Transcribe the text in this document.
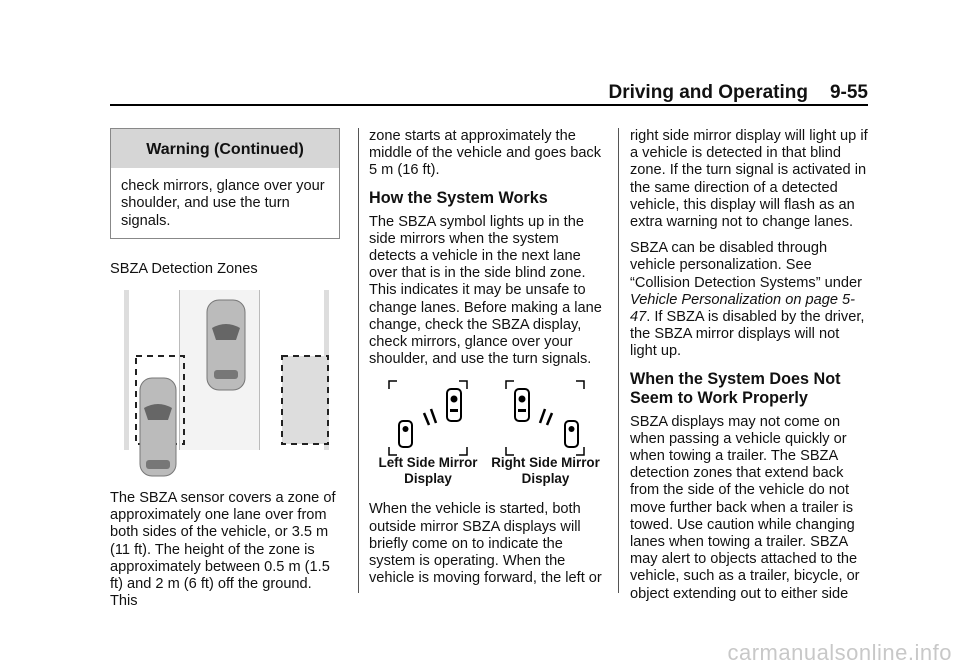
Driving and Operating 9-55
Warning (Continued)
check mirrors, glance over your shoulder, and use the turn signals.

SBZA Detection Zones

The SBZA sensor covers a zone of approximately one lane over from both sides of the vehicle, or 3.5 m (11 ft). The height of the zone is approximately between 0.5 m (1.5 ft) and 2 m (6 ft) off the ground. This

zone starts at approximately the middle of the vehicle and goes back 5 m (16 ft).

How the System Works

The SBZA symbol lights up in the side mirrors when the system detects a vehicle in the next lane over that is in the side blind zone. This indicates it may be unsafe to change lanes. Before making a lane change, check the SBZA display, check mirrors, glance over your shoulder, and use the turn signals.

Left Side Mirror
Display
Right Side Mirror
Display

When the vehicle is started, both outside mirror SBZA displays will briefly come on to indicate the system is operating. When the vehicle is moving forward, the left or

right side mirror display will light up if a vehicle is detected in that blind zone. If the turn signal is activated in the same direction of a detected vehicle, this display will flash as an extra warning not to change lanes.

SBZA can be disabled through vehicle personalization. See “Collision Detection Systems” under Vehicle Personalization on page 5-47. If SBZA is disabled by the driver, the SBZA mirror displays will not light up.

When the System Does Not Seem to Work Properly

SBZA displays may not come on when passing a vehicle quickly or when towing a trailer. The SBZA detection zones that extend back from the side of the vehicle do not move further back when a trailer is towed. Use caution while changing lanes when towing a trailer. SBZA may alert to objects attached to the vehicle, such as a trailer, bicycle, or object extending out to either side

carmanualsonline.info
